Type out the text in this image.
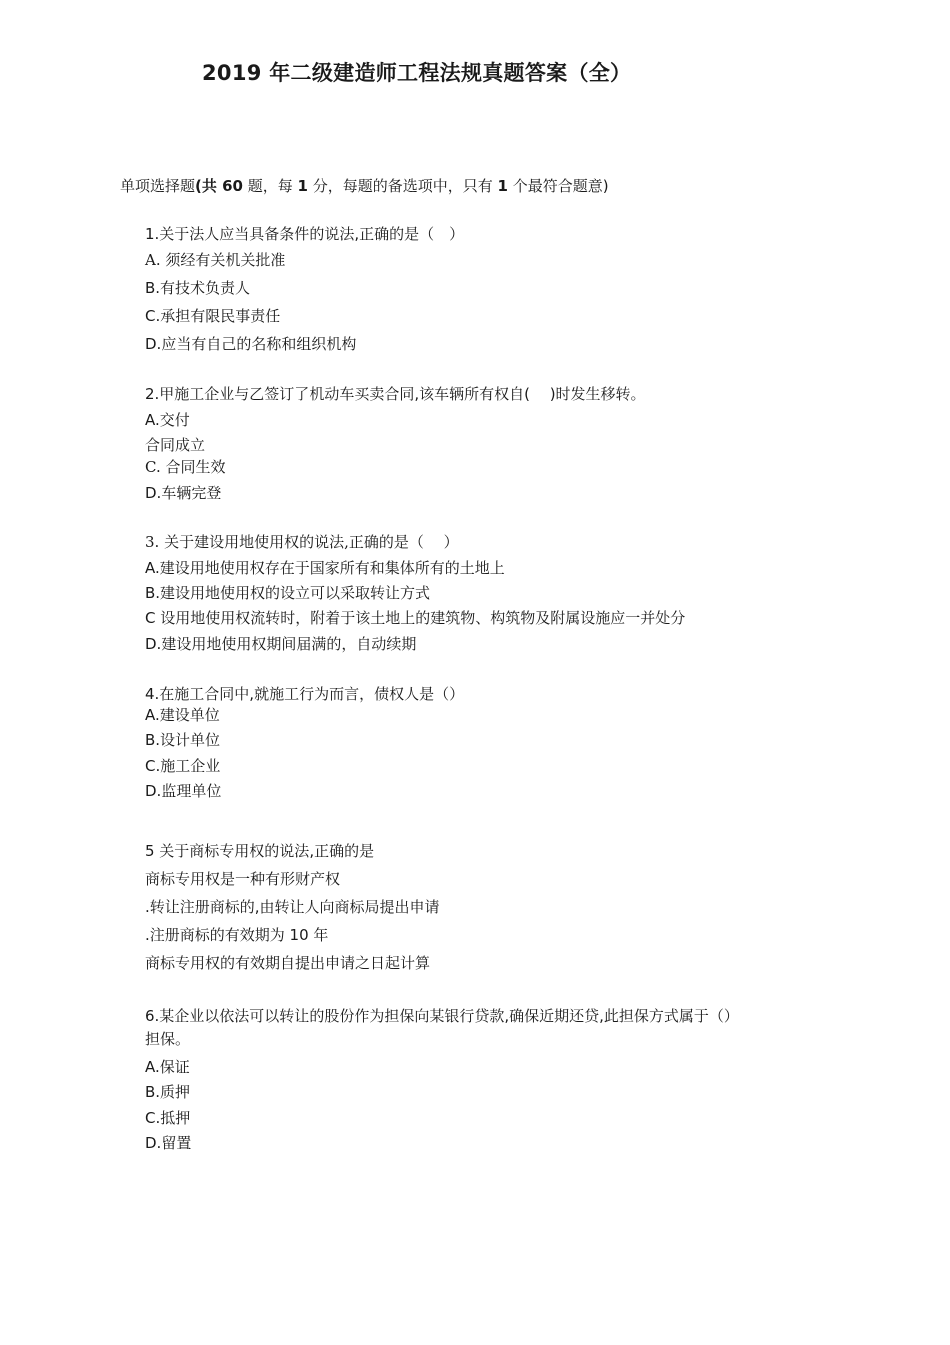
2019 年二级建造师工程法规真题答案（全）
单项选择题(共 60 题，每 1 分，每题的备选项中，只有 1 个最符合题意)
1.关于法人应当具备条件的说法,正确的是（　）
A. 须经有关机关批准
B.有技术负责人
C.承担有限民事责任
D.应当有自己的名称和组织机构
2.甲施工企业与乙签订了机动车买卖合同,该车辆所有权自(　 )时发生移转。
A.交付
合同成立
C. 合同生效
D.车辆完登
3. 关于建设用地使用权的说法,正确的是（　 ）
A.建设用地使用权存在于国家所有和集体所有的土地上
B.建设用地使用权的设立可以采取转让方式
C 设用地使用权流转时，附着于该土地上的建筑物、构筑物及附属设施应一并处分
D.建设用地使用权期间届满的，自动续期
4.在施工合同中,就施工行为而言，债权人是（）
A.建设单位
B.设计单位
C.施工企业
D.监理单位
5 关于商标专用权的说法,正确的是
商标专用权是一种有形财产权
.转让注册商标的,由转让人向商标局提出申请
.注册商标的有效期为 10 年
商标专用权的有效期自提出申请之日起计算
6.某企业以依法可以转让的股份作为担保向某银行贷款,确保近期还贷,此担保方式属于（）
担保。
A.保证
B.质押
C.抵押
D.留置
